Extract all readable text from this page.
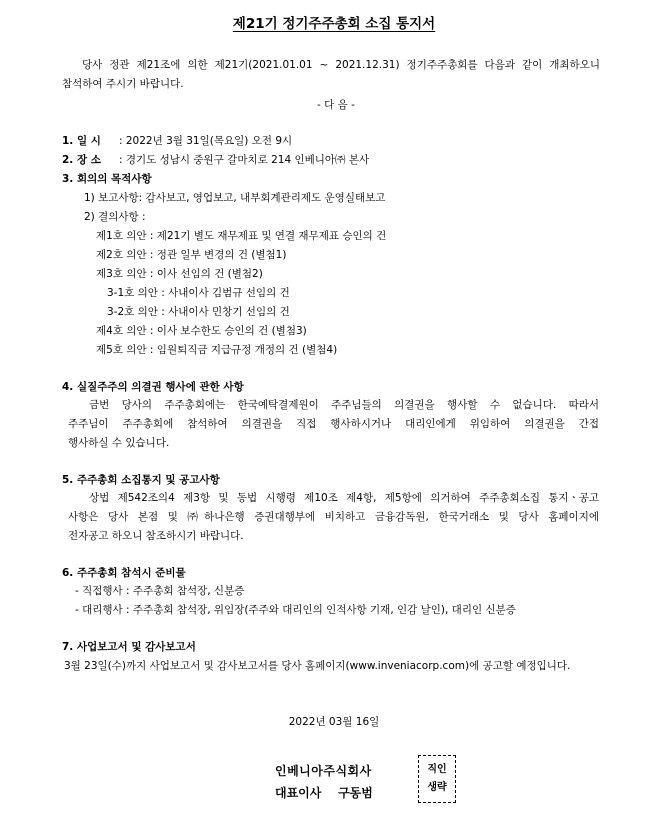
제21기 정기주주총회 소집 통지서
당사 정관 제21조에 의한 제21기(2021.01.01 ~ 2021.12.31) 정기주주총회를 다음과 같이 개최하오니
참석하여 주시기 바랍니다.
- 다 음 -
1. 일 시 : 2022년 3월 31일(목요일) 오전 9시
2. 장 소 : 경기도 성남시 중원구 갈마치로 214 인베니아㈜ 본사
3. 회의의 목적사항
1) 보고사항: 감사보고, 영업보고, 내부회계관리제도 운영실태보고
2) 결의사항 :
제1호 의안 : 제21기 별도 재무제표 및 연결 재무제표 승인의 건
제2호 의안 : 정관 일부 변경의 건 (별첨1)
제3호 의안 : 이사 선임의 건 (별첨2)
3-1호 의안 : 사내이사 김범규 선임의 건
3-2호 의안 : 사내이사 민창기 선임의 건
제4호 의안 : 이사 보수한도 승인의 건 (별첨3)
제5호 의안 : 임원퇴직금 지급규정 개정의 건 (별첨4)
4. 실질주주의 의결권 행사에 관한 사항
금번 당사의 주주총회에는 한국예탁결제원이 주주님들의 의결권을 행사할 수 없습니다. 따라서
주주님이 주주총회에 참석하여 의결권을 직접 행사하시거나 대리인에게 위임하여 의결권을 간접
행사하실 수 있습니다.
5. 주주총회 소집통지 및 공고사항
상법 제542조의4 제3항 및 동법 시행령 제10조 제4항, 제5항에 의거하여 주주총회소집 통지ㆍ공고
사항은 당사 본점 및 ㈜하나은행 증권대행부에 비치하고 금융감독원, 한국거래소 및 당사 홈페이지에
전자공고 하오니 참조하시기 바랍니다.
6. 주주총회 참석시 준비물
- 직접행사 : 주주총회 참석장, 신분증
- 대리행사 : 주주총회 참석장, 위임장(주주와 대리인의 인적사항 기재, 인감 날인), 대리인 신분증
7. 사업보고서 및 감사보고서
3월 23일(수)까지 사업보고서 및 감사보고서를 당사 홈페이지(www.inveniacorp.com)에 공고할 예정입니다.
2022년 03월 16일
인베니아주식회사
대표이사    구동범
직인
생략
